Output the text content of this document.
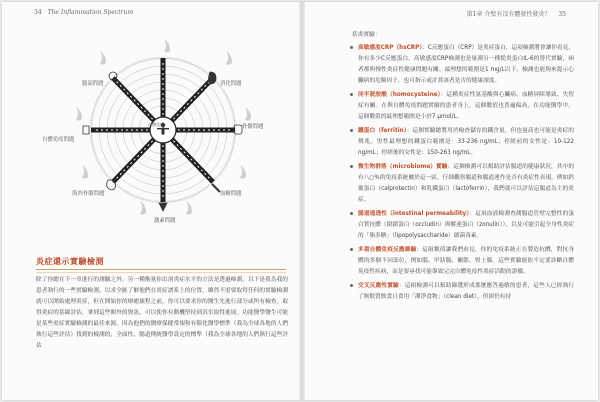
34 The Inflammation Spectrum	第1章 介壁有沒有體發性發炎？ 35
自體免疫
腦部問題	消化問題
自體免疫問題
骨骼問題
筋肉骨骼問題	血糖問題
激素問題
炎症還示實驗檢測
除了你總在下一章進行的測驗之外，另一種衡量你出剖炎症水平的方法是透過檢測。以下是我為我的患者執行的一些實驗檢測，以求全匯了解他們在炎症譜系上的位置。雖然不需要取得任何的實驗檢測就可以開始處理炎症，但在開始你的療癒旅程之前，你可以要求你的醫生先進行部分或所有檢查。取得炎症的基線評估，拿到這些額外的資訊，可以使你有動機堅持到真室取得進展。功能醫學醫生可能是某些炎症實驗檢測的最佳來源，因為他們的醫療保健常規和有限化醫學標準（我為全球各地的人們執行這些評估）找到的檢測的，全面性、腸道傳統醫學設定的標準（我為全球各地的人們執行這些評估
括炎實驗：
高敏感度CRP（hsCRP）：C反應蛋白（CRP）是炎症蛋白，這項檢測將會讓你看見，你有多少C反應蛋白。高敏感度CRP檢測也是量測另一種從炎蛋白IL-6的替代實驗，兩者都與慢性炎症性健康問題有關。最理想的範圍是1 mg/L以下。檢測也能夠來提示心臟病的危險因子，也可指示或計算該者是否的健康深度。
同半胱胺酸（homocysteine）：這種炎症性氨基酸與心臟病、血糖屏障導致、失智症有關。在與自體免疫問題實驗的患者身上，這個數值也普遍偏高，在功能醫學中，這個數值的最理想範圍是小於7 μmol/L。
鐵蛋白（ferritin）：這個實驗總將用於檢查儲存的鐵含量，但也量高也可能是炎症的徵兆。男性最理想的鐵蛋白範圍是：33-236 ng/mL；停經前的女性是：10-122 ng/mL；停經後的女性是：150-263 ng/mL。
微生物群落（microbiome）實驗：這個檢測可以幫助評估腸道的健康狀況，其中的有八○%的免疫系統屬於這一區，仔細觀察腸道和腸道運作是否有炎症性表現，例如鈣衛蛋白（calprotectin）和乳鐵蛋白（lactoferrin），我們就可以評估這腸道為主的炎症。
腸道通透性（intestinal permeability）：這項血液檢測查測腸道管壁完整性的蛋白質抗體（閉鎖蛋白（occludin）與解連蛋白（zonulin）），以及可能引起全身性炎症的「脂多糖」（lipopolysaccharide）細菌毒素。
多重自體免疫反應篩驗：這組數值讓我們看見，你的免疫系統正在製造抗體，對抗身體的多個不同部位，例如腦、甲狀腺、關節、腎上腺。這些實驗能依不定要診斷自體免疫性疾病，而是要尋找可能導致完完自體免疫性炎症活動的證據。
交叉反應性實驗：這組檢測可以幫助篩選形成那麼應答過敏的患者，這些人已經執行了無麩質飲食且食用「潔淨食物」（clean diet），但卻仍有持
